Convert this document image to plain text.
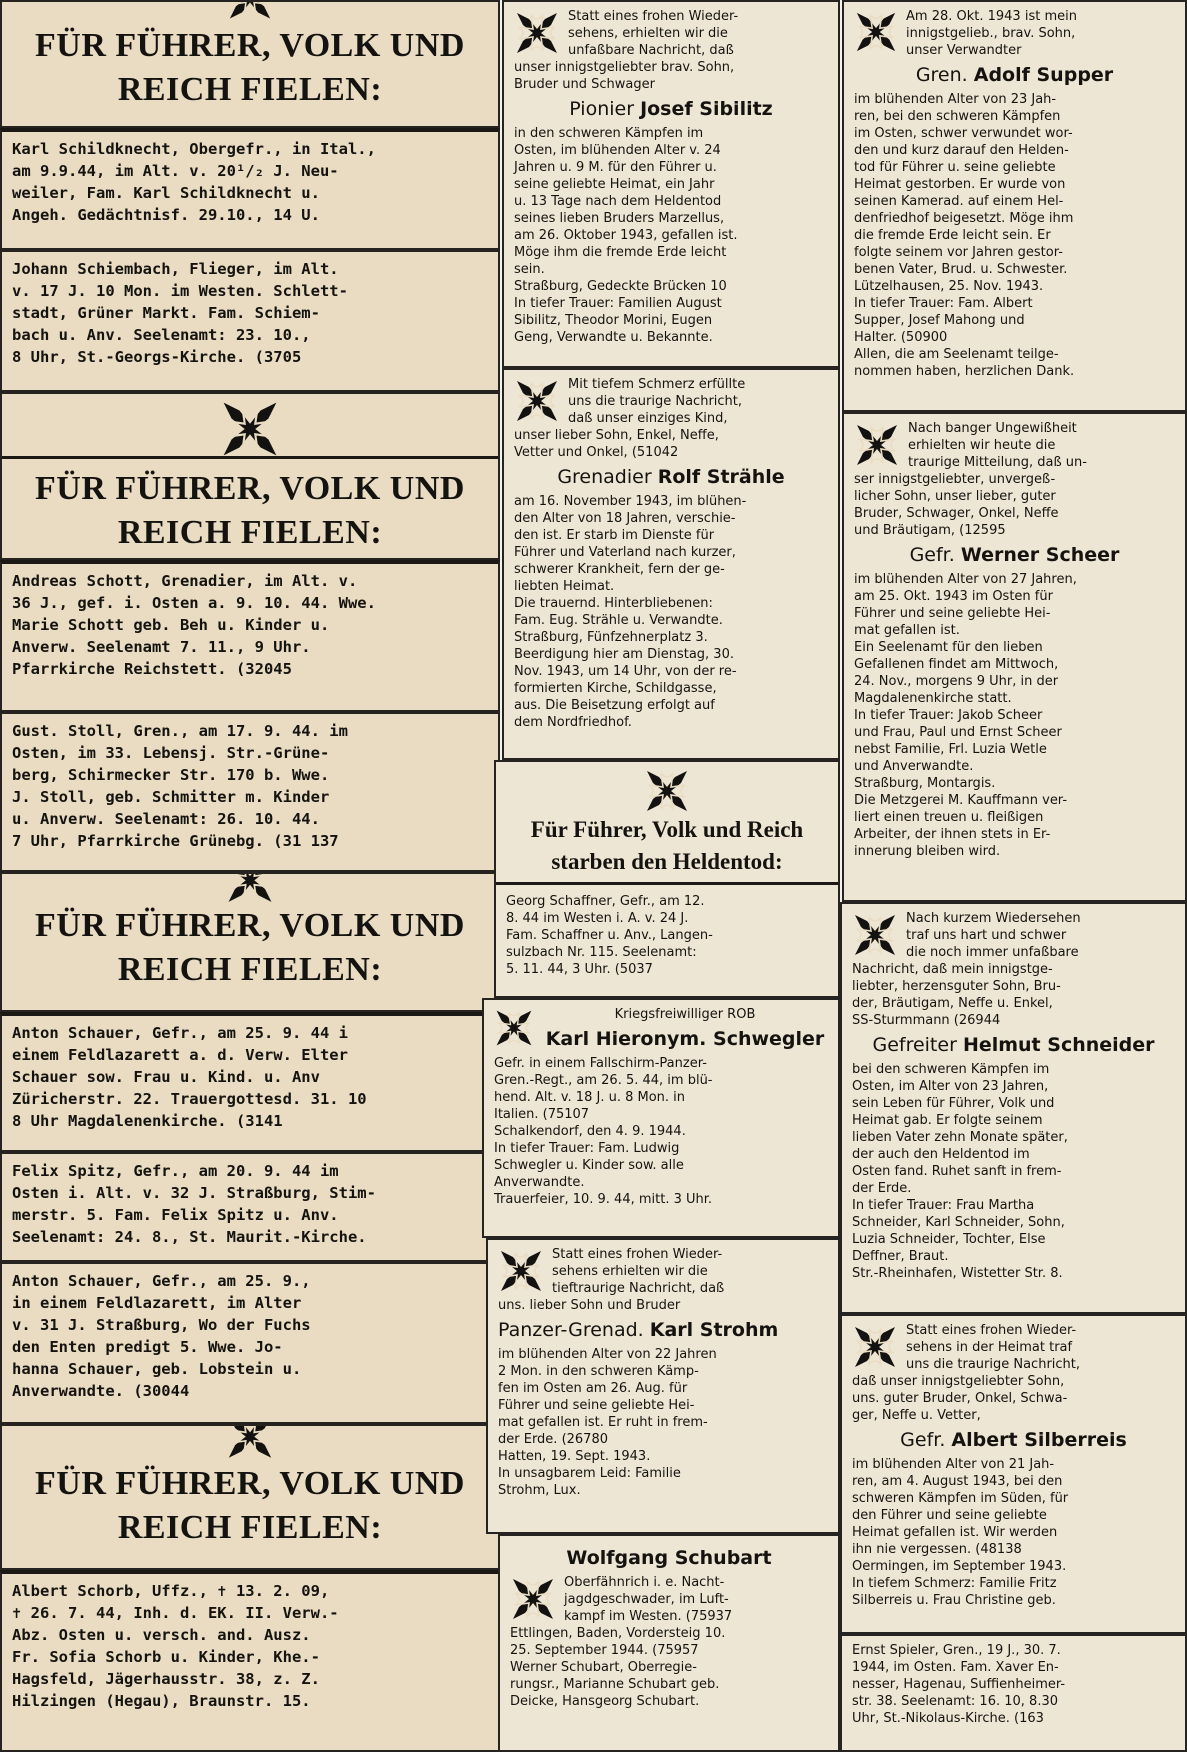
FÜR FÜHRER, VOLK UND
REICH FIELEN:
Karl Schildknecht, Obergefr., in Ital.,
am 9.9.44, im Alt. v. 20¹/₂ J. Neu-
weiler, Fam. Karl Schildknecht u.
Angeh. Gedächtnisf. 29.10., 14 U.
Johann Schiembach, Flieger, im Alt.
v. 17 J. 10 Mon. im Westen. Schlett-
stadt, Grüner Markt. Fam. Schiem-
bach u. Anv. Seelenamt: 23. 10.,
8 Uhr, St.-Georgs-Kirche. (3705
FÜR FÜHRER, VOLK UND
REICH FIELEN:
Andreas Schott, Grenadier, im Alt. v.
36 J., gef. i. Osten a. 9. 10. 44. Wwe.
Marie Schott geb. Beh u. Kinder u.
Anverw. Seelenamt 7. 11., 9 Uhr.
Pfarrkirche Reichstett. (32045
Gust. Stoll, Gren., am 17. 9. 44. im
Osten, im 33. Lebensj. Str.-Grüne-
berg, Schirmecker Str. 170 b. Wwe.
J. Stoll, geb. Schmitter m. Kinder
u. Anverw. Seelenamt: 26. 10. 44.
7 Uhr, Pfarrkirche Grünebg. (31 137
FÜR FÜHRER, VOLK UND
REICH FIELEN:
Anton Schauer, Gefr., am 25. 9. 44 i
einem Feldlazarett a. d. Verw. Elter
Schauer sow. Frau u. Kind. u. Anv
Züricherstr. 22. Trauergottesd. 31. 10
8 Uhr Magdalenenkirche. (3141
Felix Spitz, Gefr., am 20. 9. 44 im
Osten i. Alt. v. 32 J. Straßburg, Stim-
merstr. 5. Fam. Felix Spitz u. Anv.
Seelenamt: 24. 8., St. Maurit.-Kirche.
Anton Schauer, Gefr., am 25. 9.,
in einem Feldlazarett, im Alter
v. 31 J. Straßburg, Wo der Fuchs
den Enten predigt 5. Wwe. Jo-
hanna Schauer, geb. Lobstein u.
Anverwandte. (30044
FÜR FÜHRER, VOLK UND
REICH FIELEN:
Albert Schorb, Uffz., ✝ 13. 2. 09,
✝ 26. 7. 44, Inh. d. EK. II. Verw.-
Abz. Osten u. versch. and. Ausz.
Fr. Sofia Schorb u. Kinder, Khe.-
Hagsfeld, Jägerhausstr. 38, z. Z.
Hilzingen (Hegau), Braunstr. 15.
Statt eines frohen Wieder-
sehens, erhielten wir die
unfaßbare Nachricht, daß
unser innigstgeliebter brav. Sohn,
Bruder und Schwager
Pionier Josef Sibilitz
in den schweren Kämpfen im
Osten, im blühenden Alter v. 24
Jahren u. 9 M. für den Führer u.
seine geliebte Heimat, ein Jahr
u. 13 Tage nach dem Heldentod
seines lieben Bruders Marzellus,
am 26. Oktober 1943, gefallen ist.
Möge ihm die fremde Erde leicht
sein.
Straßburg, Gedeckte Brücken 10
In tiefer Trauer: Familien August
Sibilitz, Theodor Morini, Eugen
Geng, Verwandte u. Bekannte.
Mit tiefem Schmerz erfüllte
uns die traurige Nachricht,
daß unser einziges Kind,
unser lieber Sohn, Enkel, Neffe,
Vetter und Onkel, (51042
Grenadier Rolf Strähle
am 16. November 1943, im blühen-
den Alter von 18 Jahren, verschie-
den ist. Er starb im Dienste für
Führer und Vaterland nach kurzer,
schwerer Krankheit, fern der ge-
liebten Heimat.
Die trauernd. Hinterbliebenen:
Fam. Eug. Strähle u. Verwandte.
Straßburg, Fünfzehnerplatz 3.
Beerdigung hier am Dienstag, 30.
Nov. 1943, um 14 Uhr, von der re-
formierten Kirche, Schildgasse,
aus. Die Beisetzung erfolgt auf
dem Nordfriedhof.
Für Führer, Volk und Reich
starben den Heldentod:
Georg Schaffner, Gefr., am 12.
8. 44 im Westen i. A. v. 24 J.
Fam. Schaffner u. Anv., Langen-
sulzbach Nr. 115. Seelenamt:
5. 11. 44, 3 Uhr. (5037
Kriegsfreiwilliger ROB
Karl Hieronym. Schwegler
Gefr. in einem Fallschirm-Panzer-
Gren.-Regt., am 26. 5. 44, im blü-
hend. Alt. v. 18 J. u. 8 Mon. in
Italien. (75107
Schalkendorf, den 4. 9. 1944.
In tiefer Trauer: Fam. Ludwig
Schwegler u. Kinder sow. alle
Anverwandte.
Trauerfeier, 10. 9. 44, mitt. 3 Uhr.
Statt eines frohen Wieder-
sehens erhielten wir die
tieftraurige Nachricht, daß
uns. lieber Sohn und Bruder
Panzer-Grenad. Karl Strohm
im blühenden Alter von 22 Jahren
2 Mon. in den schweren Kämp-
fen im Osten am 26. Aug. für
Führer und seine geliebte Hei-
mat gefallen ist. Er ruht in frem-
der Erde. (26780
Hatten, 19. Sept. 1943.
In unsagbarem Leid: Familie
Strohm, Lux.
Wolfgang Schubart
Oberfähnrich i. e. Nacht-
jagdgeschwader, im Luft-
kampf im Westen. (75937
Ettlingen, Baden, Vordersteig 10.
25. September 1944. (75957
Werner Schubart, Oberregie-
rungsr., Marianne Schubart geb.
Deicke, Hansgeorg Schubart.
Am 28. Okt. 1943 ist mein
innigstgelieb., brav. Sohn,
unser Verwandter
Gren. Adolf Supper
im blühenden Alter von 23 Jah-
ren, bei den schweren Kämpfen
im Osten, schwer verwundet wor-
den und kurz darauf den Helden-
tod für Führer u. seine geliebte
Heimat gestorben. Er wurde von
seinen Kamerad. auf einem Hel-
denfriedhof beigesetzt. Möge ihm
die fremde Erde leicht sein. Er
folgte seinem vor Jahren gestor-
benen Vater, Brud. u. Schwester.
Lützelhausen, 25. Nov. 1943.
In tiefer Trauer: Fam. Albert
Supper, Josef Mahong und
Halter. (50900
Allen, die am Seelenamt teilge-
nommen haben, herzlichen Dank.
Nach banger Ungewißheit
erhielten wir heute die
traurige Mitteilung, daß un-
ser innigstgeliebter, unvergeß-
licher Sohn, unser lieber, guter
Bruder, Schwager, Onkel, Neffe
und Bräutigam, (12595
Gefr. Werner Scheer
im blühenden Alter von 27 Jahren,
am 25. Okt. 1943 im Osten für
Führer und seine geliebte Hei-
mat gefallen ist.
Ein Seelenamt für den lieben
Gefallenen findet am Mittwoch,
24. Nov., morgens 9 Uhr, in der
Magdalenenkirche statt.
In tiefer Trauer: Jakob Scheer
und Frau, Paul und Ernst Scheer
nebst Familie, Frl. Luzia Wetle
und Anverwandte.
Straßburg, Montargis.
Die Metzgerei M. Kauffmann ver-
liert einen treuen u. fleißigen
Arbeiter, der ihnen stets in Er-
innerung bleiben wird.
Nach kurzem Wiedersehen
traf uns hart und schwer
die noch immer unfaßbare
Nachricht, daß mein innigstge-
liebter, herzensguter Sohn, Bru-
der, Bräutigam, Neffe u. Enkel,
SS-Sturmmann (26944
Gefreiter Helmut Schneider
bei den schweren Kämpfen im
Osten, im Alter von 23 Jahren,
sein Leben für Führer, Volk und
Heimat gab. Er folgte seinem
lieben Vater zehn Monate später,
der auch den Heldentod im
Osten fand. Ruhet sanft in frem-
der Erde.
In tiefer Trauer: Frau Martha
Schneider, Karl Schneider, Sohn,
Luzia Schneider, Tochter, Else
Deffner, Braut.
Str.-Rheinhafen, Wistetter Str. 8.
Statt eines frohen Wieder-
sehens in der Heimat traf
uns die traurige Nachricht,
daß unser innigstgeliebter Sohn,
uns. guter Bruder, Onkel, Schwa-
ger, Neffe u. Vetter,
Gefr. Albert Silberreis
im blühenden Alter von 21 Jah-
ren, am 4. August 1943, bei den
schweren Kämpfen im Süden, für
den Führer und seine geliebte
Heimat gefallen ist. Wir werden
ihn nie vergessen. (48138
Oermingen, im September 1943.
In tiefem Schmerz: Familie Fritz
Silberreis u. Frau Christine geb.
Ernst Spieler, Gren., 19 J., 30. 7.
1944, im Osten. Fam. Xaver En-
nesser, Hagenau, Suffienheimer-
str. 38. Seelenamt: 16. 10, 8.30
Uhr, St.-Nikolaus-Kirche. (163
